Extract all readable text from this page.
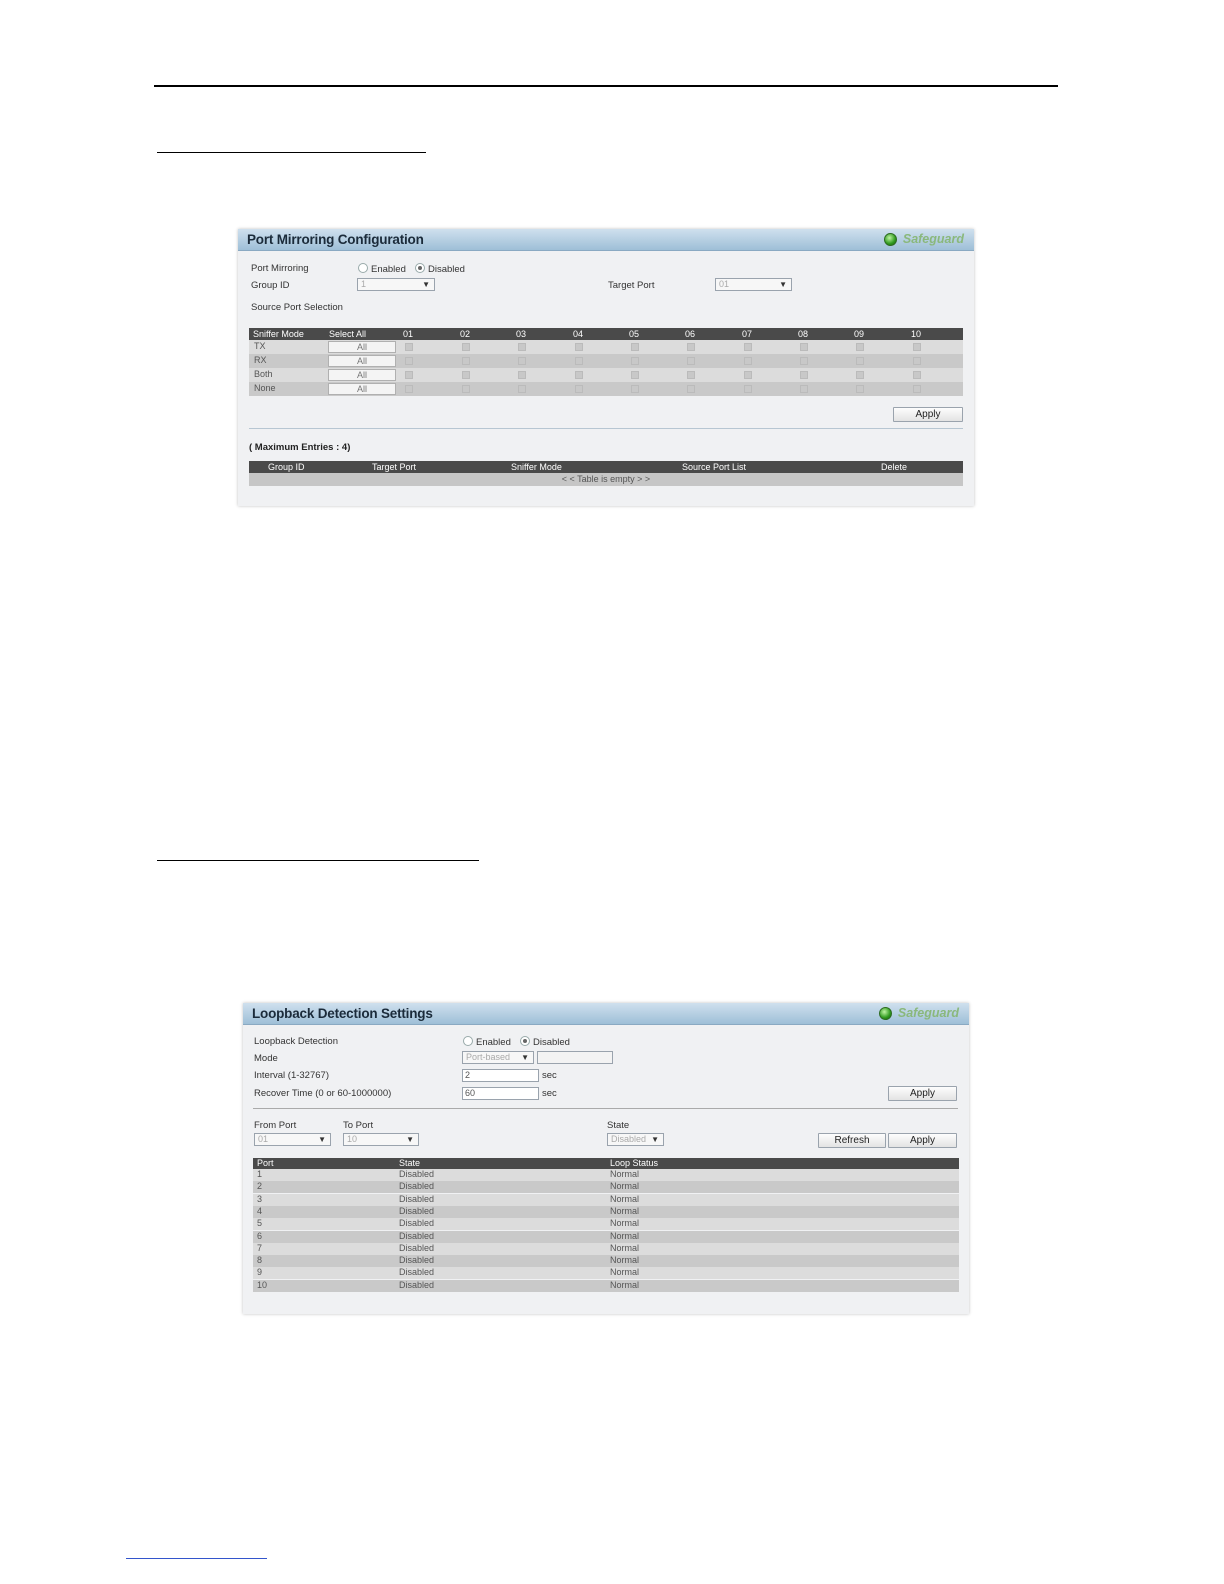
Port Mirroring Configuration	Safeguard
Port Mirroring	Enabled	Disabled
Group ID	1	▼	Target Port	01	▼
Source Port Selection
Sniffer Mode	Select All	01	02	03	04	05	06	07	08	09	10
TX	All
RX	All
Both	All
None	All
Apply
( Maximum Entries : 4)
Group ID	Target Port	Sniffer Mode	Source Port List	Delete
< < Table is empty > >
Loopback Detection Settings	Safeguard
Loopback Detection	Enabled	Disabled
Mode	Port-based ▼
Interval (1-32767)	2	sec
Recover Time (0 or 60-1000000)	60	sec	Apply
From Port
01	▼
To Port
10	▼
State
Disabled ▼	Refresh	Apply
Port	State	Loop Status
1	Disabled	Normal
2	Disabled	Normal
3	Disabled	Normal
4	Disabled	Normal
5	Disabled	Normal
6	Disabled	Normal
7	Disabled	Normal
8	Disabled	Normal
9	Disabled	Normal
10	Disabled	Normal
